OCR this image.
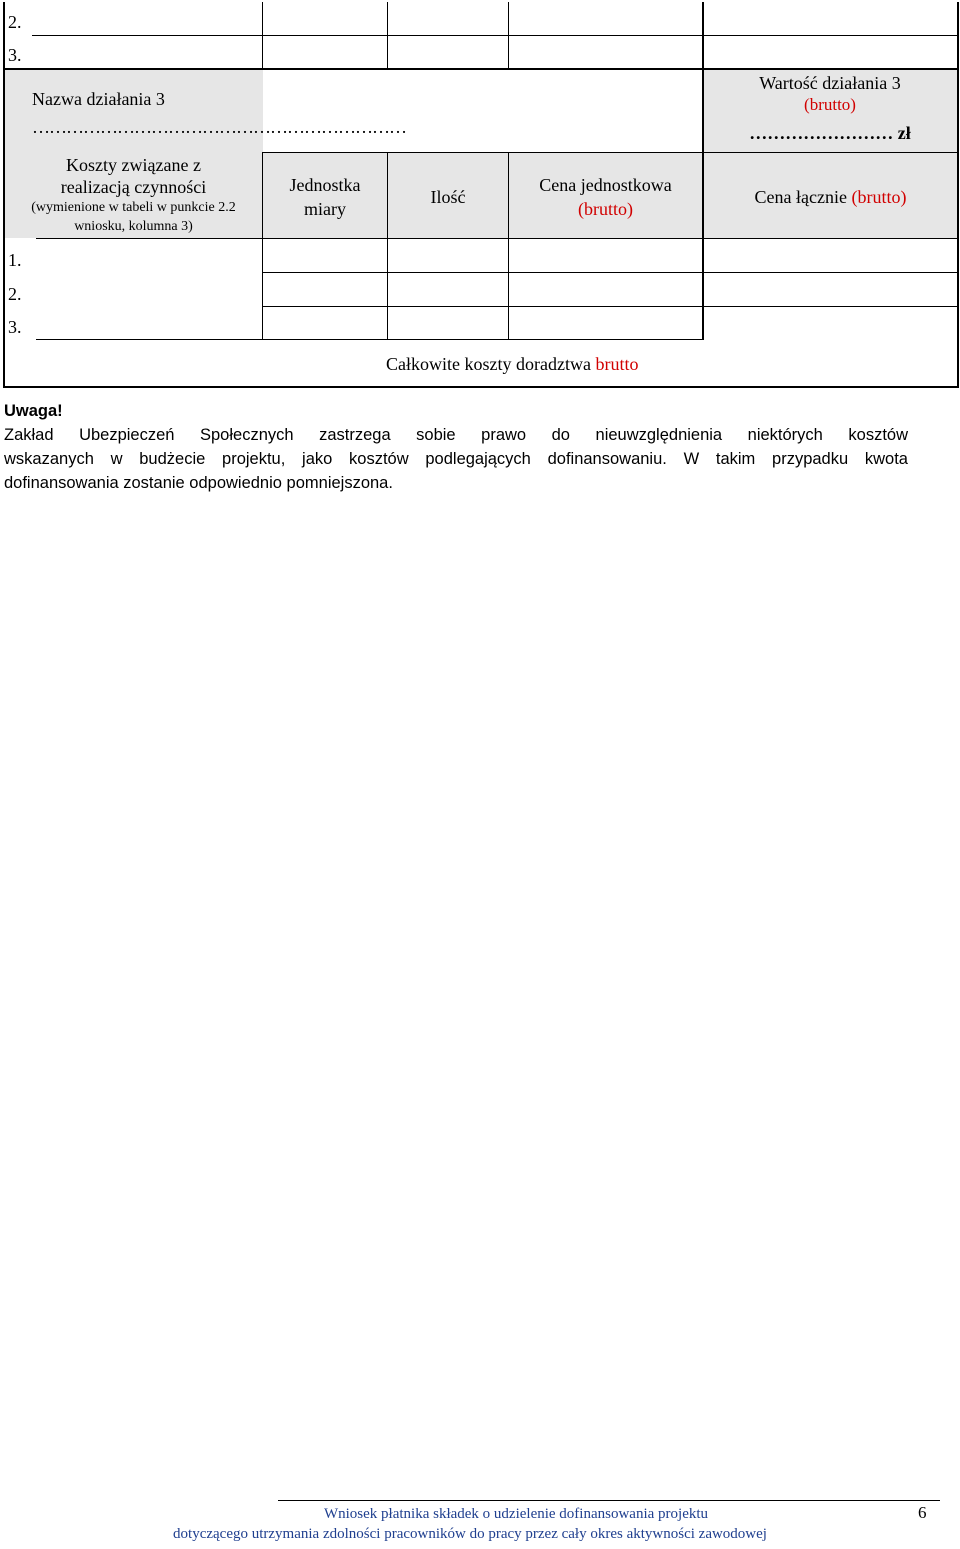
2.
3.
Nazwa działania 3
…………………………………………………………
Wartość działania 3
(brutto)
…………………… zł
Koszty związane z
realizacją czynności
(wymienione w tabeli w punkcie 2.2
wniosku, kolumna 3)
Jednostka
miary
Ilość
Cena jednostkowa
(brutto)
Cena łącznie (brutto)
1.
2.
3.
Całkowite koszty doradztwa brutto
Uwaga!
Zakład Ubezpieczeń Społecznych zastrzega sobie prawo do nieuwzględnienia niektórych kosztów
wskazanych w budżecie projektu, jako kosztów podlegających dofinansowaniu. W takim przypadku kwota
dofinansowania zostanie odpowiednio pomniejszona.
Wniosek płatnika składek o udzielenie dofinansowania projektu
dotyczącego utrzymania zdolności pracowników do pracy przez cały okres aktywności zawodowej
6
